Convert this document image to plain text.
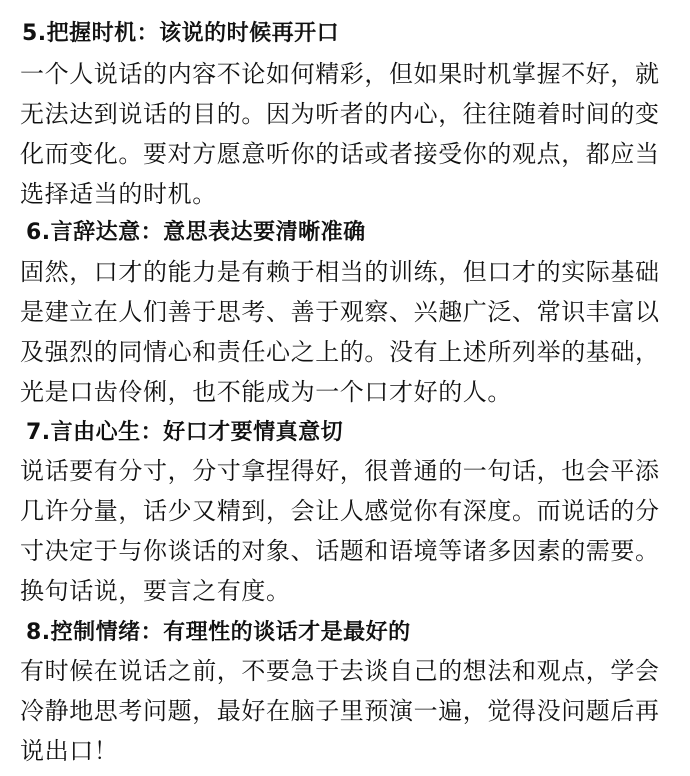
5.把握时机：该说的时候再开口
一个人说话的内容不论如何精彩，但如果时机掌握不好，就
无法达到说话的目的。因为听者的内心，往往随着时间的变
化而变化。要对方愿意听你的话或者接受你的观点，都应当
选择适当的时机。
6.言辞达意：意思表达要清晰准确
固然，口才的能力是有赖于相当的训练，但口才的实际基础
是建立在人们善于思考、善于观察、兴趣广泛、常识丰富以
及强烈的同情心和责任心之上的。没有上述所列举的基础，
光是口齿伶俐，也不能成为一个口才好的人。
7.言由心生：好口才要情真意切
说话要有分寸，分寸拿捏得好，很普通的一句话，也会平添
几许分量，话少又精到，会让人感觉你有深度。而说话的分
寸决定于与你谈话的对象、话题和语境等诸多因素的需要。
换句话说，要言之有度。
8.控制情绪：有理性的谈话才是最好的
有时候在说话之前，不要急于去谈自己的想法和观点，学会
冷静地思考问题，最好在脑子里预演一遍，觉得没问题后再
说出口！
